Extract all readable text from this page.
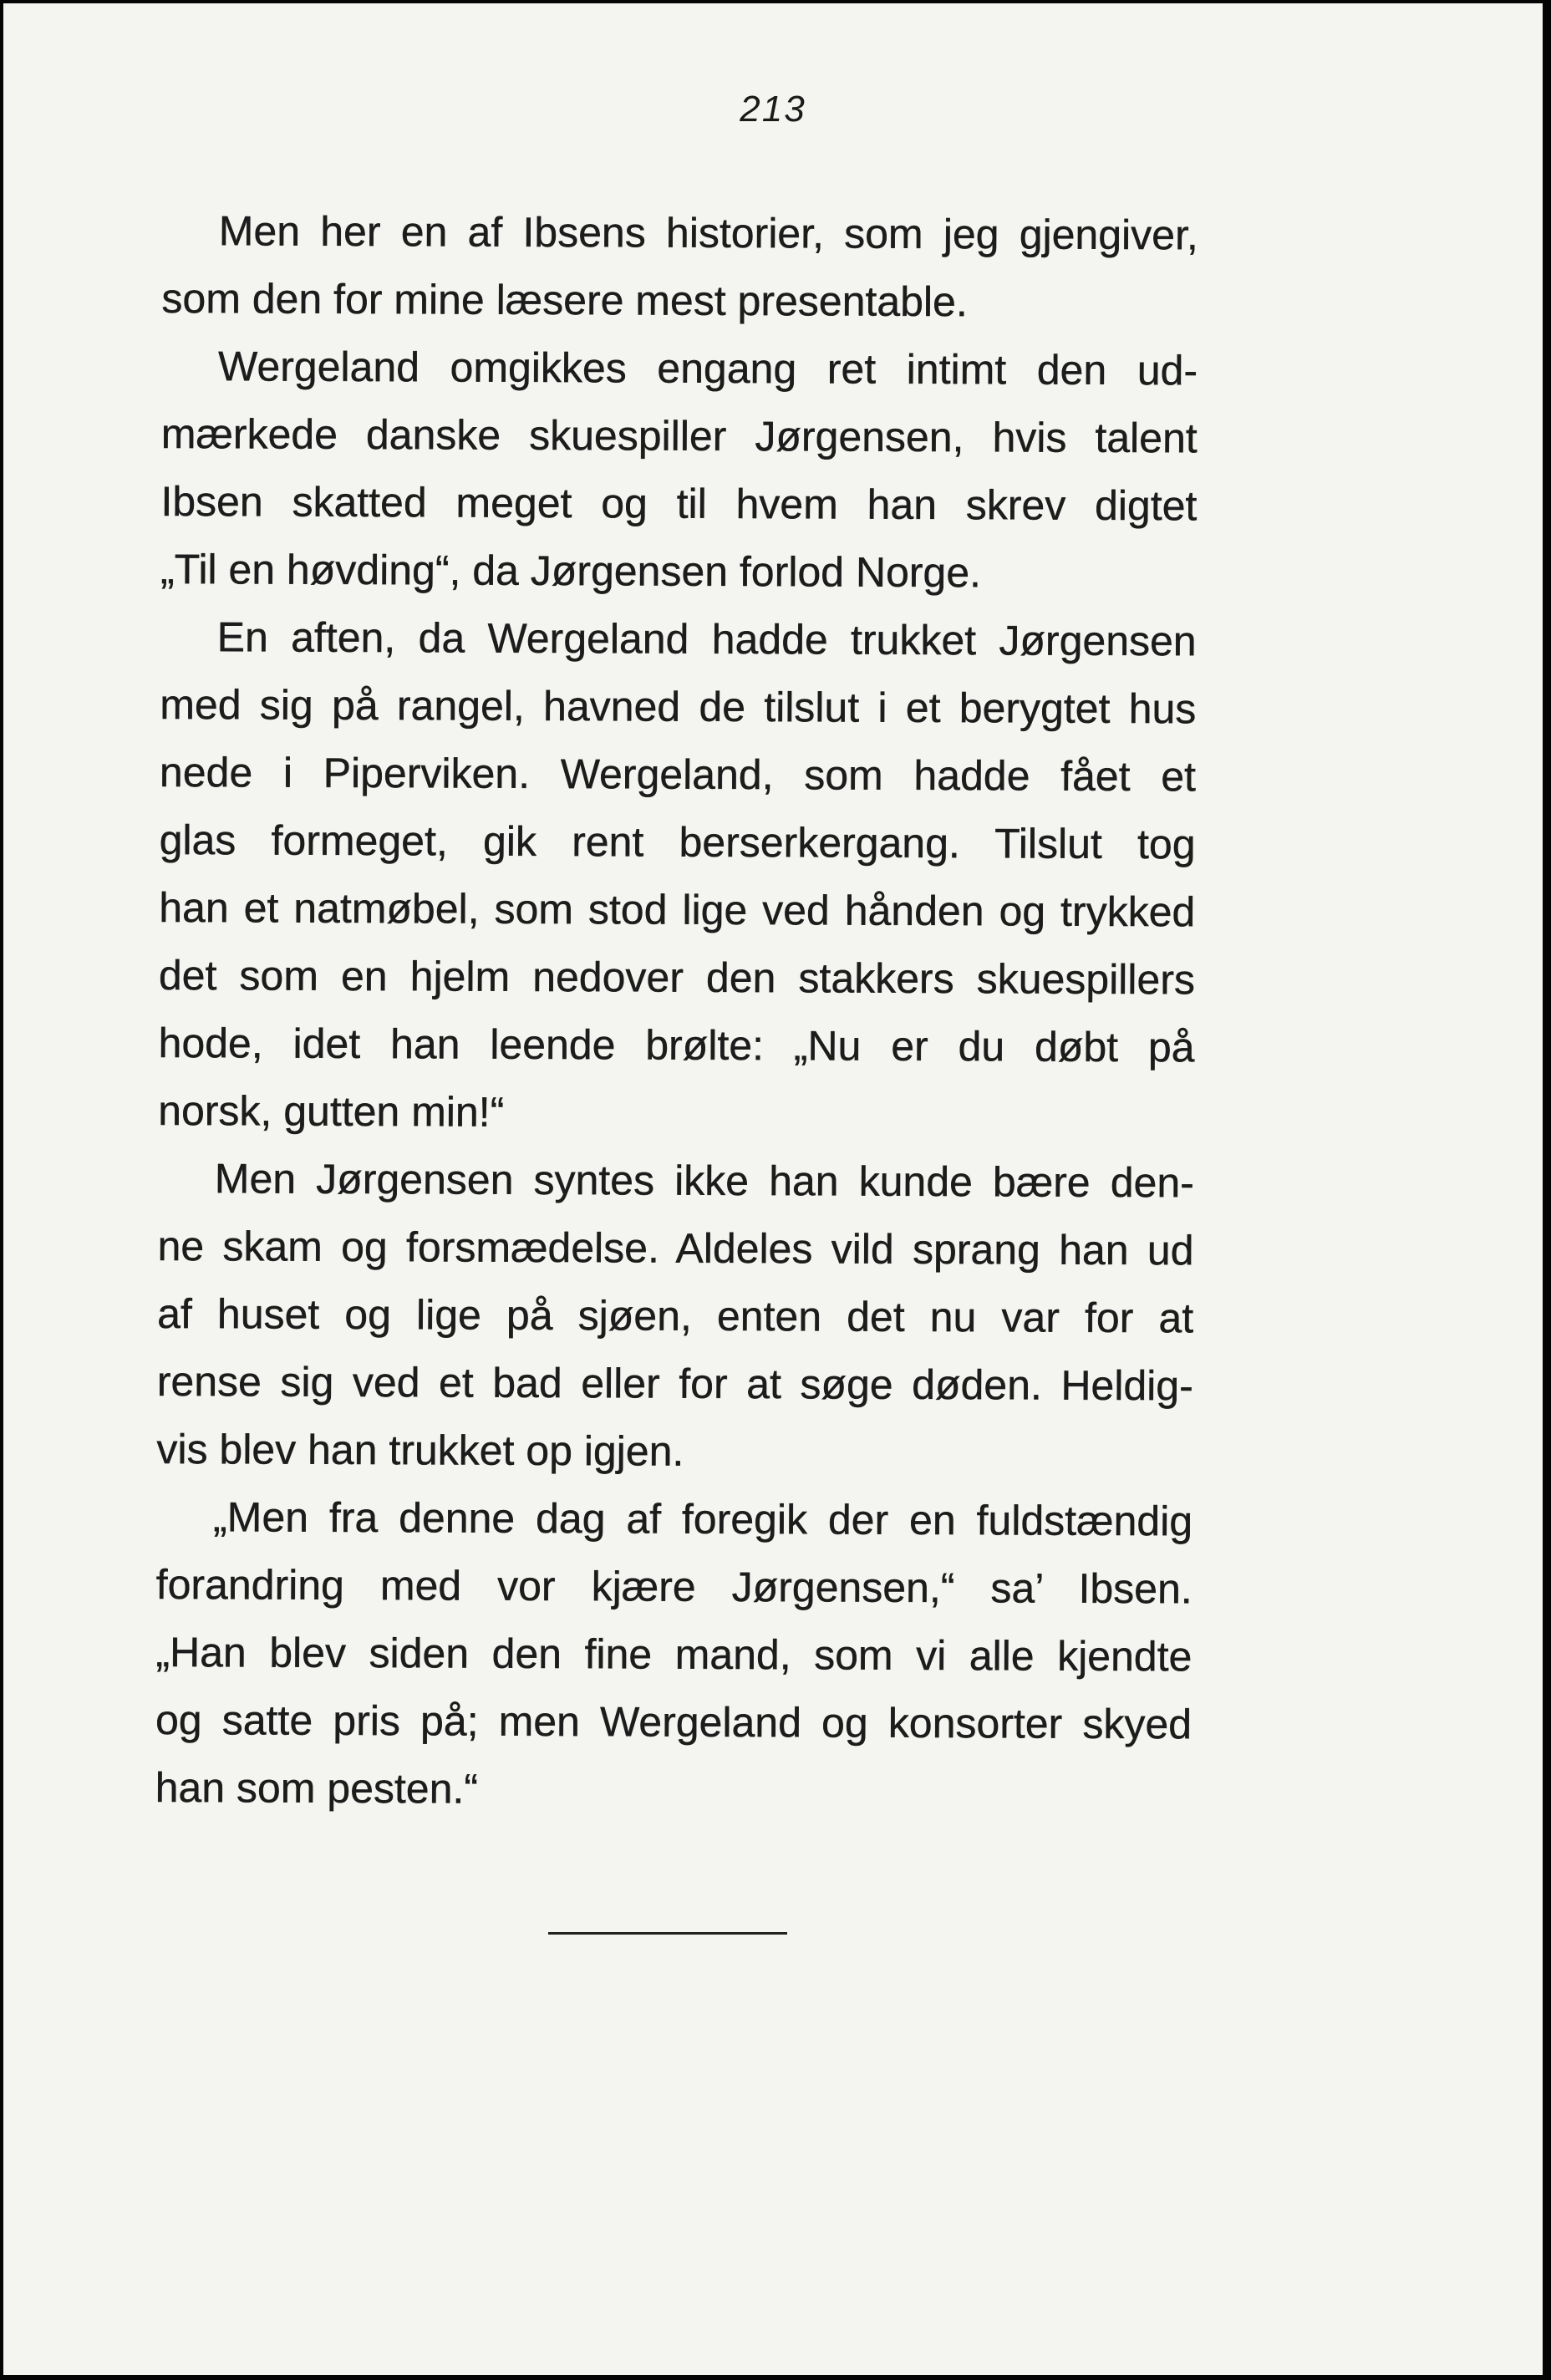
213
Men her en af Ibsens historier, som jeg gjengiver,
som den for mine læsere mest presentable.
Wergeland omgikkes engang ret intimt den ud-
mærkede danske skuespiller Jørgensen, hvis talent
Ibsen skatted meget og til hvem han skrev digtet
„Til en høvding“, da Jørgensen forlod Norge.
En aften, da Wergeland hadde trukket Jørgensen
med sig på rangel, havned de tilslut i et berygtet hus
nede i Piperviken. Wergeland, som hadde fået et
glas formeget, gik rent berserkergang. Tilslut tog
han et natmøbel, som stod lige ved hånden og trykked
det som en hjelm nedover den stakkers skuespillers
hode, idet han leende brølte: „Nu er du døbt på
norsk, gutten min!“
Men Jørgensen syntes ikke han kunde bære den-
ne skam og forsmædelse. Aldeles vild sprang han ud
af huset og lige på sjøen, enten det nu var for at
rense sig ved et bad eller for at søge døden. Heldig-
vis blev han trukket op igjen.
„Men fra denne dag af foregik der en fuldstændig
forandring med vor kjære Jørgensen,“ sa’ Ibsen.
„Han blev siden den fine mand, som vi alle kjendte
og satte pris på; men Wergeland og konsorter skyed
han som pesten.“
